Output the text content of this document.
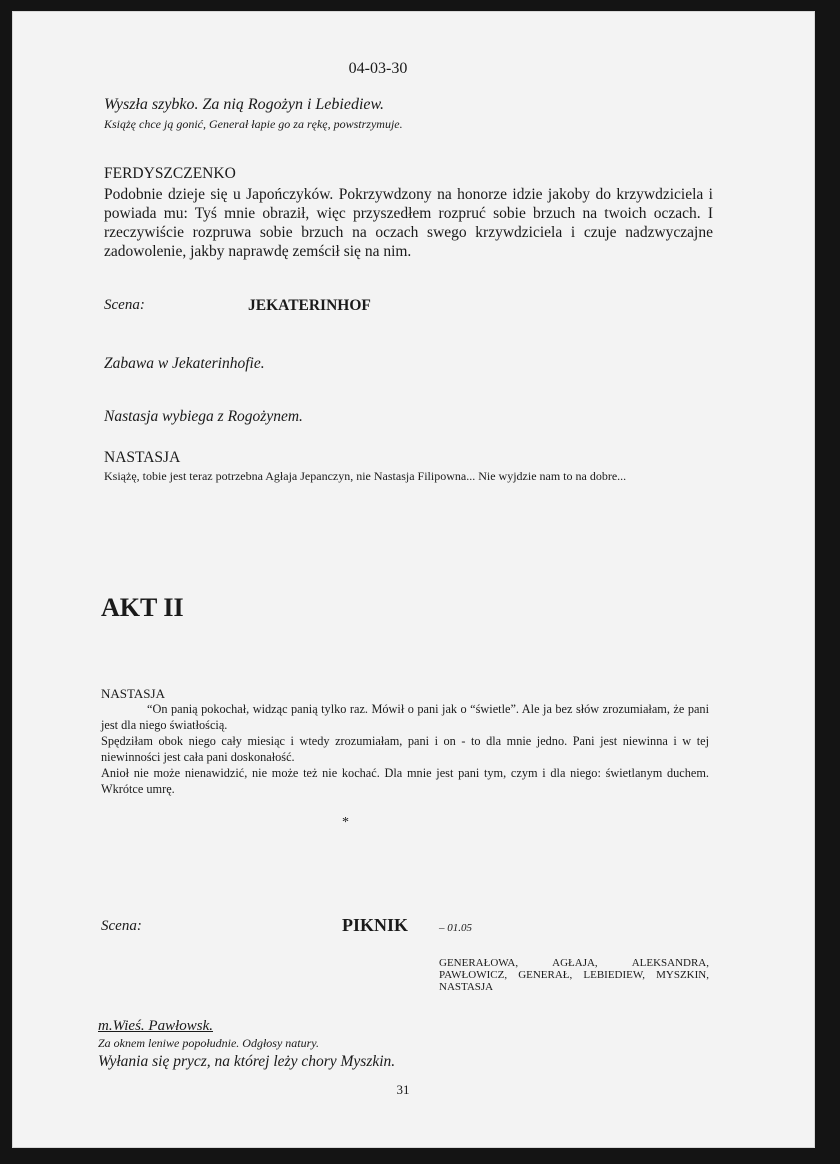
04-03-30
Wyszła szybko. Za nią Rogożyn i Lebiediew.
Książę chce ją gonić, Generał łapie go za rękę, powstrzymuje.
FERDYSZCZENKO
Podobnie dzieje się u Japończyków. Pokrzywdzony na honorze idzie jakoby do krzywdziciela i powiada mu: Tyś mnie obraził, więc przyszedłem rozpruć sobie brzuch na twoich oczach. I rzeczywiście rozpruwa sobie brzuch na oczach swego krzywdziciela i czuje nadzwyczajne zadowolenie, jakby naprawdę zemścił się na nim.
Scena:	JEKATERINHOF
Zabawa w Jekaterinhofie.
Nastasja wybiega z Rogożynem.
NASTASJA
Książę, tobie jest teraz potrzebna Agłaja Jepanczyn, nie Nastasja Filipowna... Nie wyjdzie nam to na dobre...
AKT II
NASTASJA

“On panią pokochał, widząc panią tylko raz. Mówił o pani jak o “świetle”. Ale ja bez słów zrozumiałam, że pani jest dla niego światłością.

Spędziłam obok niego cały miesiąc i wtedy zrozumiałam, pani i on - to dla mnie jedno. Pani jest niewinna i w tej niewinności jest cała pani doskonałość.

Anioł nie może nienawidzić, nie może też nie kochać. Dla mnie jest pani tym, czym i dla niego: świetlanym duchem. Wkrótce umrę.

*
Scena:	PIKNIK	– 01.05
GENERAŁOWA, AGŁAJA, ALEKSANDRA, PAWŁOWICZ, GENERAŁ, LEBIEDIEW, MYSZKIN, NASTASJA
m.Wieś. Pawłowsk.
Za oknem leniwe popołudnie. Odgłosy natury.
Wyłania się prycz, na której leży chory Myszkin.
31
